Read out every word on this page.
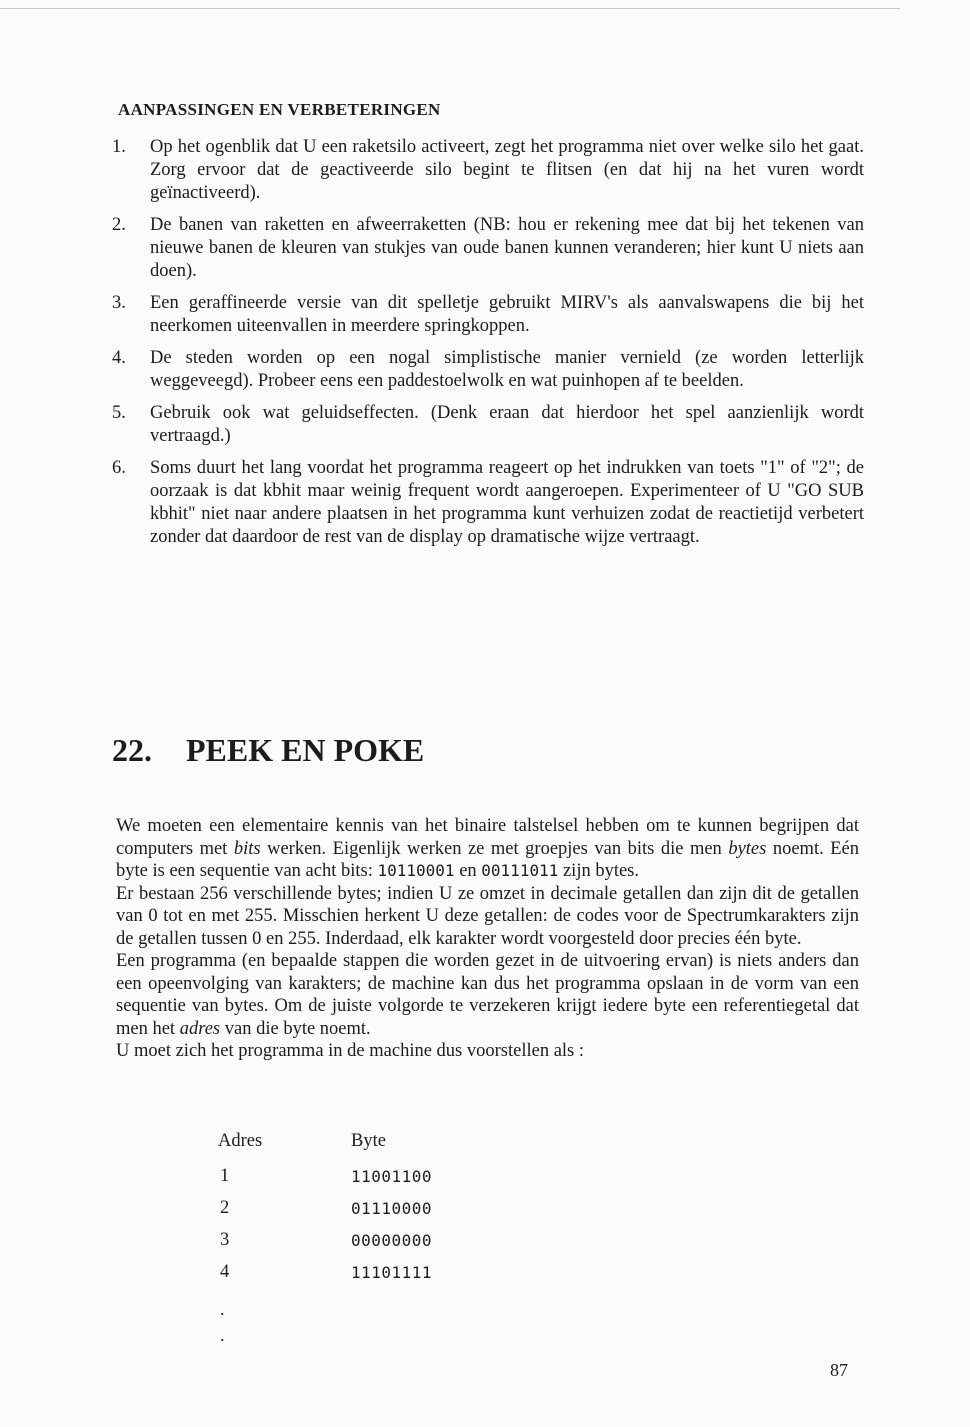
AANPASSINGEN EN VERBETERINGEN
1. Op het ogenblik dat U een raketsilo activeert, zegt het programma niet over welke silo het gaat. Zorg ervoor dat de geactiveerde silo begint te flitsen (en dat hij na het vuren wordt geïnactiveerd).
2. De banen van raketten en afweerraketten (NB: hou er rekening mee dat bij het tekenen van nieuwe banen de kleuren van stukjes van oude banen kunnen veranderen; hier kunt U niets aan doen).
3. Een geraffineerde versie van dit spelletje gebruikt MIRV's als aanvalswapens die bij het neerkomen uiteenvallen in meerdere springkoppen.
4. De steden worden op een nogal simplistische manier vernield (ze worden letterlijk weggeveegd). Probeer eens een paddestoelwolk en wat puinhopen af te beelden.
5. Gebruik ook wat geluidseffecten. (Denk eraan dat hierdoor het spel aanzienlijk wordt vertraagd.)
6. Soms duurt het lang voordat het programma reageert op het indrukken van toets "1" of "2"; de oorzaak is dat kbhit maar weinig frequent wordt aangeroepen. Experimenteer of U "GO SUB kbhit" niet naar andere plaatsen in het programma kunt verhuizen zodat de reactietijd verbetert zonder dat daardoor de rest van de display op dramatische wijze vertraagt.
22. PEEK EN POKE

We moeten een elementaire kennis van het binaire talstelsel hebben om te kunnen begrijpen dat computers met bits werken. Eigenlijk werken ze met groepjes van bits die men bytes noemt. Eén byte is een sequentie van acht bits: 10110001 en 00111011 zijn bytes.

Er bestaan 256 verschillende bytes; indien U ze omzet in decimale getallen dan zijn dit de getallen van 0 tot en met 255. Misschien herkent U deze getallen: de codes voor de Spectrumkarakters zijn de getallen tussen 0 en 255. Inderdaad, elk karakter wordt voorgesteld door precies één byte.

Een programma (en bepaalde stappen die worden gezet in de uitvoering ervan) is niets anders dan een opeenvolging van karakters; de machine kan dus het programma opslaan in de vorm van een sequentie van bytes. Om de juiste volgorde te verzekeren krijgt iedere byte een referentiegetal dat men het adres van die byte noemt.

U moet zich het programma in de machine dus voorstellen als :

Adres	Byte
1	11001100
2	01110000
3	00000000
4	11101111
.
.
87
